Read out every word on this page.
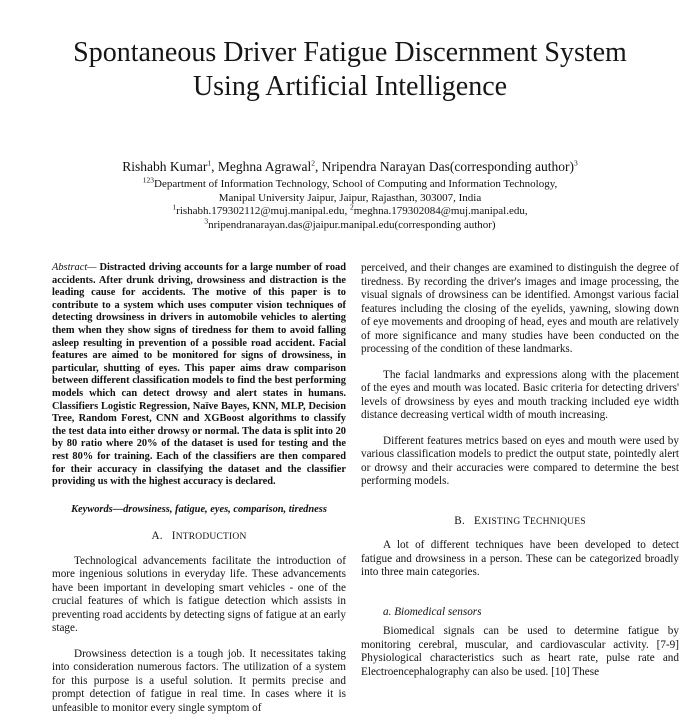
Spontaneous Driver Fatigue Discernment System
Using Artificial Intelligence
Rishabh Kumar$^1$, Meghna Agrawal$^2$, Nripendra Narayan Das(corresponding author)$^3$
$^{123}$Department of Information Technology, School of Computing and Information Technology,
Manipal University Jaipur, Jaipur, Rajasthan, 303007, India
$^1$rishabh.179302112@muj.manipal.edu, $^2$meghna.179302084@muj.manipal.edu,
$^3$nripendranarayan.das@jaipur.manipal.edu(corresponding author)

Abstract— Distracted driving accounts for a large number of road accidents. After drunk driving, drowsiness and distraction is the leading cause for accidents. The motive of this paper is to contribute to a system which uses computer vision techniques of detecting drowsiness in drivers in automobile vehicles to alerting them when they show signs of tiredness for them to avoid falling asleep resulting in prevention of a possible road accident. Facial features are aimed to be monitored for signs of drowsiness, in particular, shutting of eyes. This paper aims draw comparison between different classification models to find the best performing models which can detect drowsy and alert states in humans. Classifiers Logistic Regression, Naïve Bayes, KNN, MLP, Decision Tree, Random Forest, CNN and XGBoost algorithms to classify the test data into either drowsy or normal. The data is split into 20 by 80 ratio where 20% of the dataset is used for testing and the rest 80% for training. Each of the classifiers are then compared for their accuracy in classifying the dataset and the classifier providing us with the highest accuracy is declared.

Keywords—drowsiness, fatigue, eyes, comparison, tiredness

A. INTRODUCTION

Technological advancements facilitate the introduction of more ingenious solutions in everyday life. These advancements have been important in developing smart vehicles - one of the crucial features of which is fatigue detection which assists in preventing road accidents by detecting signs of fatigue at an early stage.

Drowsiness detection is a tough job. It necessitates taking into consideration numerous factors. The utilization of a system for this purpose is a useful solution. It permits precise and prompt detection of fatigue in real time. In cases where it is unfeasible to monitor every single symptom of

perceived, and their changes are examined to distinguish the degree of tiredness. By recording the driver's images and image processing, the visual signals of drowsiness can be identified. Amongst various facial features including the closing of the eyelids, yawning, slowing down of eye movements and drooping of head, eyes and mouth are relatively of more significance and many studies have been conducted on the processing of the condition of these landmarks.

The facial landmarks and expressions along with the placement of the eyes and mouth was located. Basic criteria for detecting drivers' levels of drowsiness by eyes and mouth tracking included eye width distance decreasing vertical width of mouth increasing.

Different features metrics based on eyes and mouth were used by various classification models to predict the output state, pointedly alert or drowsy and their accuracies were compared to determine the best performing models.

B. EXISTING TECHNIQUES

A lot of different techniques have been developed to detect fatigue and drowsiness in a person. These can be categorized broadly into three main categories.

a. Biomedical sensors

Biomedical signals can be used to determine fatigue by monitoring cerebral, muscular, and cardiovascular activity. [7-9] Physiological characteristics such as heart rate, pulse rate and Electroencephalography can also be used. [10] These
